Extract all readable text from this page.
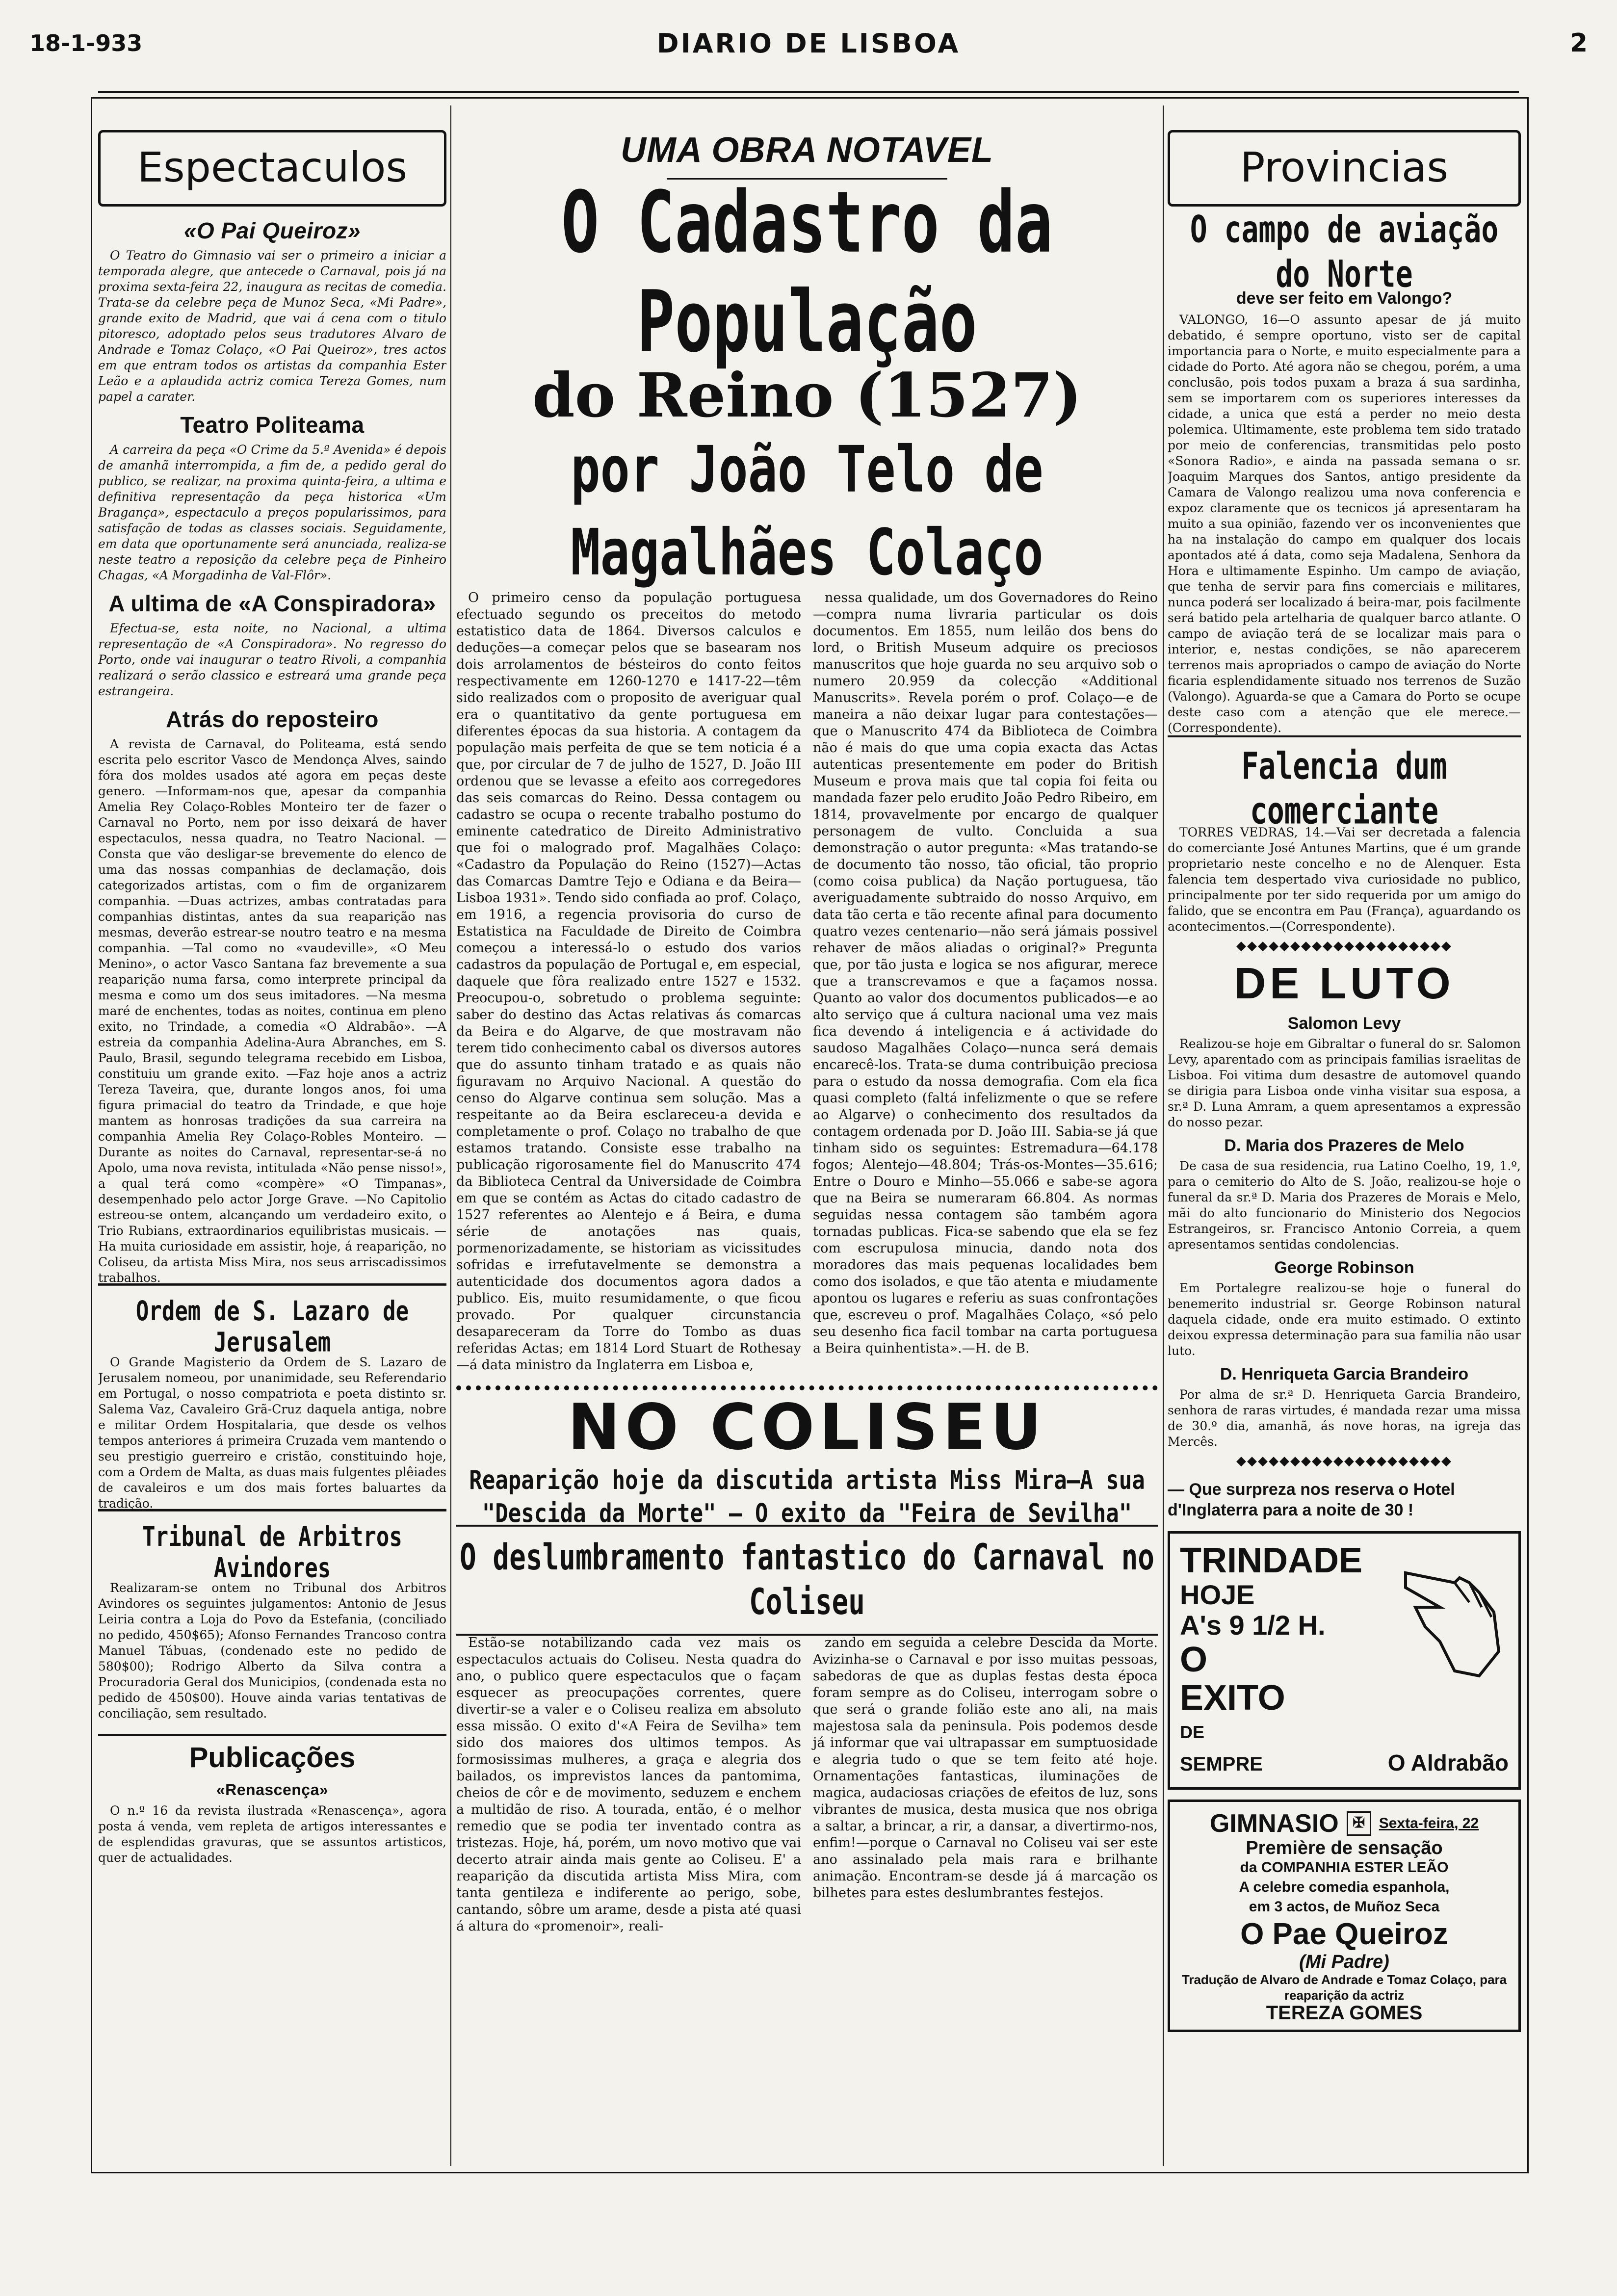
18-1-933	DIARIO DE LISBOA	2
Espectaculos
«O Pai Queiroz»

O Teatro do Gimnasio vai ser o primeiro a iniciar a temporada alegre, que antecede o Carnaval, pois já na proxima sexta-feira 22, inaugura as recitas de comedia. Trata-se da celebre peça de Munoz Seca, «Mi Padre», grande exito de Madrid, que vai á cena com o titulo pitoresco, adoptado pelos seus tradutores Alvaro de Andrade e Tomaz Colaço, «O Pai Queiroz», tres actos em que entram todos os artistas da companhia Ester Leão e a aplaudida actriz comica Tereza Gomes, num papel a carater.

Teatro Politeama

A carreira da peça «O Crime da 5.ª Avenida» é depois de amanhã interrompida, a fim de, a pedido geral do publico, se realizar, na proxima quinta-feira, a ultima e definitiva representação da peça historica «Um Bragança», espectaculo a preços popularissimos, para satisfação de todas as classes sociais. Seguidamente, em data que oportunamente será anunciada, realiza-se neste teatro a reposição da celebre peça de Pinheiro Chagas, «A Morgadinha de Val-Flôr».

A ultima de «A Conspiradora»

Efectua-se, esta noite, no Nacional, a ultima representação de «A Conspiradora». No regresso do Porto, onde vai inaugurar o teatro Rivoli, a companhia realizará o serão classico e estreará uma grande peça estrangeira.

Atrás do reposteiro

A revista de Carnaval, do Politeama, está sendo escrita pelo escritor Vasco de Mendonça Alves, saindo fóra dos moldes usados até agora em peças deste genero. —Informam-nos que, apesar da companhia Amelia Rey Colaço-Robles Monteiro ter de fazer o Carnaval no Porto, nem por isso deixará de haver espectaculos, nessa quadra, no Teatro Nacional. —Consta que vão desligar-se brevemente do elenco de uma das nossas companhias de declamação, dois categorizados artistas, com o fim de organizarem companhia. —Duas actrizes, ambas contratadas para companhias distintas, antes da sua reaparição nas mesmas, deverão estrear-se noutro teatro e na mesma companhia. —Tal como no «vaudeville», «O Meu Menino», o actor Vasco Santana faz brevemente a sua reaparição numa farsa, como interprete principal da mesma e como um dos seus imitadores. —Na mesma maré de enchentes, todas as noites, continua em pleno exito, no Trindade, a comedia «O Aldrabão». —A estreia da companhia Adelina-Aura Abranches, em S. Paulo, Brasil, segundo telegrama recebido em Lisboa, constituiu um grande exito. —Faz hoje anos a actriz Tereza Taveira, que, durante longos anos, foi uma figura primacial do teatro da Trindade, e que hoje mantem as honrosas tradições da sua carreira na companhia Amelia Rey Colaço-Robles Monteiro. —Durante as noites do Carnaval, representar-se-á no Apolo, uma nova revista, intitulada «Não pense nisso!», a qual terá como «compère» «O Timpanas», desempenhado pelo actor Jorge Grave. —No Capitolio estreou-se ontem, alcançando um verdadeiro exito, o Trio Rubians, extraordinarios equilibristas musicais. —Ha muita curiosidade em assistir, hoje, á reaparição, no Coliseu, da artista Miss Mira, nos seus arriscadissimos trabalhos.

Ordem de S. Lazaro de Jerusalem

O Grande Magisterio da Ordem de S. Lazaro de Jerusalem nomeou, por unanimidade, seu Referendario em Portugal, o nosso compatriota e poeta distinto sr. Salema Vaz, Cavaleiro Grã-Cruz daquela antiga, nobre e militar Ordem Hospitalaria, que desde os velhos tempos anteriores á primeira Cruzada vem mantendo o seu prestigio guerreiro e cristão, constituindo hoje, com a Ordem de Malta, as duas mais fulgentes plêiades de cavaleiros e um dos mais fortes baluartes da tradição.

Tribunal de Arbitros Avindores

Realizaram-se ontem no Tribunal dos Arbitros Avindores os seguintes julgamentos: Antonio de Jesus Leiria contra a Loja do Povo da Estefania, (conciliado no pedido, 450$65); Afonso Fernandes Trancoso contra Manuel Tábuas, (condenado este no pedido de 580$00); Rodrigo Alberto da Silva contra a Procuradoria Geral dos Municipios, (condenada esta no pedido de 450$00). Houve ainda varias tentativas de conciliação, sem resultado.

Publicações
«Renascença»

O n.º 16 da revista ilustrada «Renascença», agora posta á venda, vem repleta de artigos interessantes e de esplendidas gravuras, que se assuntos artisticos, quer de actualidades.

UMA OBRA NOTAVEL
O Cadastro da População
do Reino (1527)
por João Telo de Magalhães Colaço

O primeiro censo da população portuguesa efectuado segundo os preceitos do metodo estatistico data de 1864. Diversos calculos e deduções—a começar pelos que se basearam nos dois arrolamentos de bésteiros do conto feitos respectivamente em 1260-1270 e 1417-22—têm sido realizados com o proposito de averiguar qual era o quantitativo da gente portuguesa em diferentes épocas da sua historia. A contagem da população mais perfeita de que se tem noticia é a que, por circular de 7 de julho de 1527, D. João III ordenou que se levasse a efeito aos corregedores das seis comarcas do Reino. Dessa contagem ou cadastro se ocupa o recente trabalho postumo do eminente catedratico de Direito Administrativo que foi o malogrado prof. Magalhães Colaço: «Cadastro da População do Reino (1527)—Actas das Comarcas Damtre Tejo e Odiana e da Beira—Lisboa 1931». Tendo sido confiada ao prof. Colaço, em 1916, a regencia provisoria do curso de Estatistica na Faculdade de Direito de Coimbra começou a interessá-lo o estudo dos varios cadastros da população de Portugal e, em especial, daquele que fôra realizado entre 1527 e 1532. Preocupou-o, sobretudo o problema seguinte: saber do destino das Actas relativas ás comarcas da Beira e do Algarve, de que mostravam não terem tido conhecimento cabal os diversos autores que do assunto tinham tratado e as quais não figuravam no Arquivo Nacional. A questão do censo do Algarve continua sem solução. Mas a respeitante ao da Beira esclareceu-a devida e completamente o prof. Colaço no trabalho de que estamos tratando. Consiste esse trabalho na publicação rigorosamente fiel do Manuscrito 474 da Biblioteca Central da Universidade de Coimbra em que se contém as Actas do citado cadastro de 1527 referentes ao Alentejo e á Beira, e duma série de anotações nas quais, pormenorizadamente, se historiam as vicissitudes sofridas e irrefutavelmente se demonstra a autenticidade dos documentos agora dados a publico. Eis, muito resumidamente, o que ficou provado. Por qualquer circunstancia desapareceram da Torre do Tombo as duas referidas Actas; em 1814 Lord Stuart de Rothesay—á data ministro da Inglaterra em Lisboa e,

nessa qualidade, um dos Governadores do Reino—compra numa livraria particular os dois documentos. Em 1855, num leilão dos bens do lord, o British Museum adquire os preciosos manuscritos que hoje guarda no seu arquivo sob o numero 20.959 da colecção «Additional Manuscrits». Revela porém o prof. Colaço—e de maneira a não deixar lugar para contestações—que o Manuscrito 474 da Biblioteca de Coimbra não é mais do que uma copia exacta das Actas autenticas presentemente em poder do British Museum e prova mais que tal copia foi feita ou mandada fazer pelo erudito João Pedro Ribeiro, em 1814, provavelmente por encargo de qualquer personagem de vulto. Concluida a sua demonstração o autor pregunta: «Mas tratando-se de documento tão nosso, tão oficial, tão proprio (como coisa publica) da Nação portuguesa, tão averiguadamente subtraido do nosso Arquivo, em data tão certa e tão recente afinal para documento quatro vezes centenario—não será jámais possivel rehaver de mãos aliadas o original?» Pregunta que, por tão justa e logica se nos afigurar, merece que a transcrevamos e que a façamos nossa. Quanto ao valor dos documentos publicados—e ao alto serviço que á cultura nacional uma vez mais fica devendo á inteligencia e á actividade do saudoso Magalhães Colaço—nunca será demais encarecê-los. Trata-se duma contribuição preciosa para o estudo da nossa demografia. Com ela fica quasi completo (faltá infelizmente o que se refere ao Algarve) o conhecimento dos resultados da contagem ordenada por D. João III. Sabia-se já que tinham sido os seguintes: Estremadura—64.178 fogos; Alentejo—48.804; Trás-os-Montes—35.616; Entre o Douro e Minho—55.066 e sabe-se agora que na Beira se numeraram 66.804. As normas seguidas nessa contagem são também agora tornadas publicas. Fica-se sabendo que ela se fez com escrupulosa minucia, dando nota dos moradores das mais pequenas localidades bem como dos isolados, e que tão atenta e miudamente apontou os lugares e referiu as suas confrontações que, escreveu o prof. Magalhães Colaço, «só pelo seu desenho fica facil tombar na carta portuguesa a Beira quinhentista».—H. de B.

NO COLISEU
Reaparição hoje da discutida artista Miss Mira—A sua "Descida da Morte" — O exito da "Feira de Sevilha"
O deslumbramento fantastico do Carnaval no Coliseu

Estão-se notabilizando cada vez mais os espectaculos actuais do Coliseu. Nesta quadra do ano, o publico quere espectaculos que o façam esquecer as preocupações correntes, quere divertir-se a valer e o Coliseu realiza em absoluto essa missão. O exito d'«A Feira de Sevilha» tem sido dos maiores dos ultimos tempos. As formosissimas mulheres, a graça e alegria dos bailados, os imprevistos lances da pantomima, cheios de côr e de movimento, seduzem e enchem a multidão de riso. A tourada, então, é o melhor remedio que se podia ter inventado contra as tristezas. Hoje, há, porém, um novo motivo que vai decerto atrair ainda mais gente ao Coliseu. E' a reaparição da discutida artista Miss Mira, com tanta gentileza e indiferente ao perigo, sobe, cantando, sôbre um arame, desde a pista até quasi á altura do «promenoir», reali-

zando em seguida a celebre Descida da Morte. Avizinha-se o Carnaval e por isso muitas pessoas, sabedoras de que as duplas festas desta época foram sempre as do Coliseu, interrogam sobre o que será o grande folião este ano ali, na mais majestosa sala da peninsula. Pois podemos desde já informar que vai ultrapassar em sumptuosidade e alegria tudo o que se tem feito até hoje. Ornamentações fantasticas, iluminações de magica, audaciosas criações de efeitos de luz, sons vibrantes de musica, desta musica que nos obriga a saltar, a brincar, a rir, a dansar, a divertirmo-nos, enfim!—porque o Carnaval no Coliseu vai ser este ano assinalado pela mais rara e brilhante animação. Encontram-se desde já á marcação os bilhetes para estes deslumbrantes festejos.

Provincias
O campo de aviação do Norte
deve ser feito em Valongo?

VALONGO, 16—O assunto apesar de já muito debatido, é sempre oportuno, visto ser de capital importancia para o Norte, e muito especialmente para a cidade do Porto. Até agora não se chegou, porém, a uma conclusão, pois todos puxam a braza á sua sardinha, sem se importarem com os superiores interesses da cidade, a unica que está a perder no meio desta polemica. Ultimamente, este problema tem sido tratado por meio de conferencias, transmitidas pelo posto «Sonora Radio», e ainda na passada semana o sr. Joaquim Marques dos Santos, antigo presidente da Camara de Valongo realizou uma nova conferencia e expoz claramente que os tecnicos já apresentaram ha muito a sua opinião, fazendo ver os inconvenientes que ha na instalação do campo em qualquer dos locais apontados até á data, como seja Madalena, Senhora da Hora e ultimamente Espinho. Um campo de aviação, que tenha de servir para fins comerciais e militares, nunca poderá ser localizado á beira-mar, pois facilmente será batido pela artelharia de qualquer barco atlante. O campo de aviação terá de se localizar mais para o interior, e, nestas condições, se não aparecerem terrenos mais apropriados o campo de aviação do Norte ficaria esplendidamente situado nos terrenos de Suzão (Valongo). Aguarda-se que a Camara do Porto se ocupe deste caso com a atenção que ele merece.—(Correspondente).

Falencia dum comerciante

TORRES VEDRAS, 14.—Vai ser decretada a falencia do comerciante José Antunes Martins, que é um grande proprietario neste concelho e no de Alenquer. Esta falencia tem despertado viva curiosidade no publico, principalmente por ter sido requerida por um amigo do falido, que se encontra em Pau (França), aguardando os acontecimentos.—(Correspondente).

◆◆◆◆◆◆◆◆◆◆◆◆◆◆◆◆◆◆◆◆
DE LUTO
Salomon Levy

Realizou-se hoje em Gibraltar o funeral do sr. Salomon Levy, aparentado com as principais familias israelitas de Lisboa. Foi vitima dum desastre de automovel quando se dirigia para Lisboa onde vinha visitar sua esposa, a sr.ª D. Luna Amram, a quem apresentamos a expressão do nosso pezar.

D. Maria dos Prazeres de Melo

De casa de sua residencia, rua Latino Coelho, 19, 1.º, para o cemiterio do Alto de S. João, realizou-se hoje o funeral da sr.ª D. Maria dos Prazeres de Morais e Melo, mãi do alto funcionario do Ministerio dos Negocios Estrangeiros, sr. Francisco Antonio Correia, a quem apresentamos sentidas condolencias.

George Robinson

Em Portalegre realizou-se hoje o funeral do benemerito industrial sr. George Robinson natural daquela cidade, onde era muito estimado. O extinto deixou expressa determinação para sua familia não usar luto.

D. Henriqueta Garcia Brandeiro

Por alma de sr.ª D. Henriqueta Garcia Brandeiro, senhora de raras virtudes, é mandada rezar uma missa de 30.º dia, amanhã, ás nove horas, na igreja das Mercês.

◆◆◆◆◆◆◆◆◆◆◆◆◆◆◆◆◆◆◆◆
— Que surpreza nos reserva o Hotel d'Inglaterra para a noite de 30 !
TRINDADE
HOJE
A's 9 1/2 H.
O
EXITO
DE
SEMPRE	O Aldrabão
GIMNASIO ✠ Sexta-feira, 22
Première de sensação
da COMPANHIA ESTER LEÃO
A celebre comedia espanhola,
em 3 actos, de Muñoz Seca
O Pae Queiroz
(Mi Padre)
Tradução de Alvaro de Andrade e Tomaz Colaço, para reaparição da actriz
TEREZA GOMES
